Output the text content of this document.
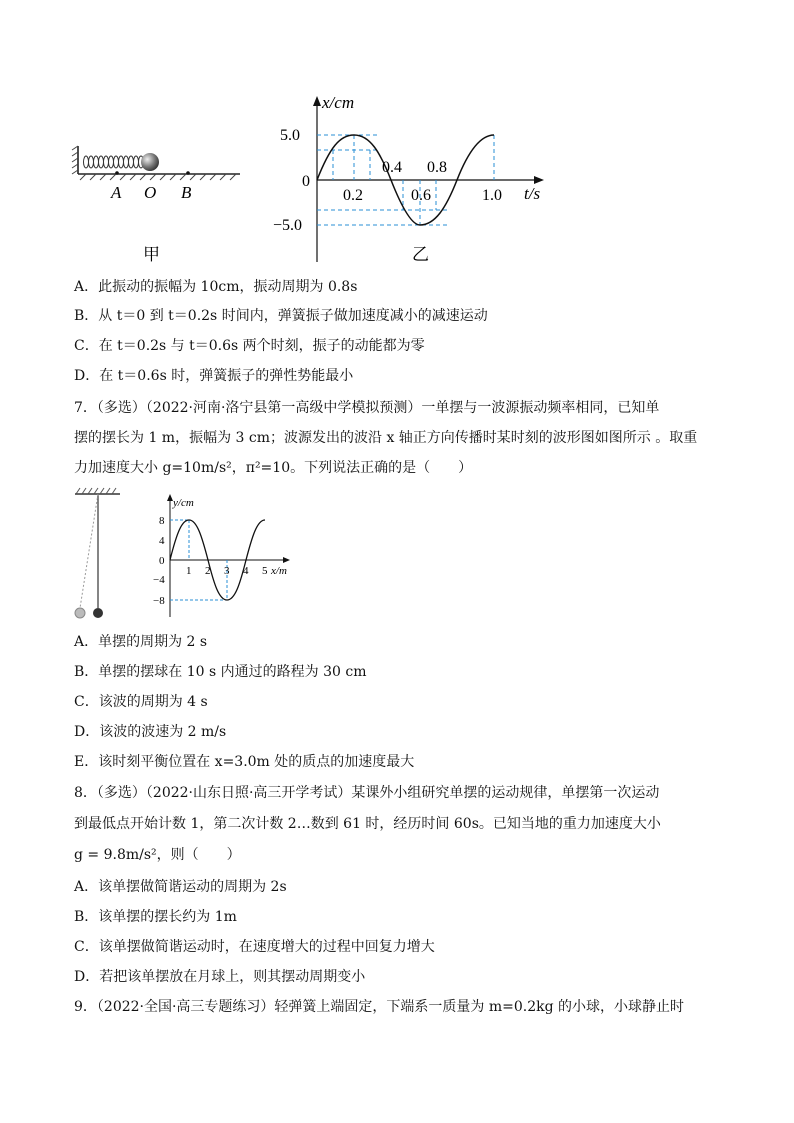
A O B
甲
x/cm
t/s
5.0
−5.0
0
0.2	0.6	1.0
0.4 0.8
乙
A．此振动的振幅为 10cm，振动周期为 0.8s
B．从 t＝0 到 t＝0.2s 时间内，弹簧振子做加速度减小的减速运动
C．在 t＝0.2s 与 t＝0.6s 两个时刻，振子的动能都为零
D．在 t＝0.6s 时，弹簧振子的弹性势能最小
7．（多选）（2022·河南·洛宁县第一高级中学模拟预测）一单摆与一波源振动频率相同，已知单
摆的摆长为 1 m，振幅为 3 cm；波源发出的波沿 x 轴正方向传播时某时刻的波形图如图所示 。取重
力加速度大小 g=10m/s²，π²=10。下列说法正确的是（　　）
y/cm
x/m
8
4
0
−4
−8
1 2 3 4 5
A．单摆的周期为 2 s
B．单摆的摆球在 10 s 内通过的路程为 30 cm
C．该波的周期为 4 s
D．该波的波速为 2 m/s
E．该时刻平衡位置在 x=3.0m 处的质点的加速度最大
8．（多选）（2022·山东日照·高三开学考试）某课外小组研究单摆的运动规律，单摆第一次运动
到最低点开始计数 1，第二次计数 2…数到 61 时，经历时间 60s。已知当地的重力加速度大小
g = 9.8m/s²，则（　　）
A．该单摆做简谐运动的周期为 2s
B．该单摆的摆长约为 1m
C．该单摆做简谐运动时，在速度增大的过程中回复力增大
D．若把该单摆放在月球上，则其摆动周期变小
9．（2022·全国·高三专题练习）轻弹簧上端固定，下端系一质量为 m=0.2kg 的小球，小球静止时
